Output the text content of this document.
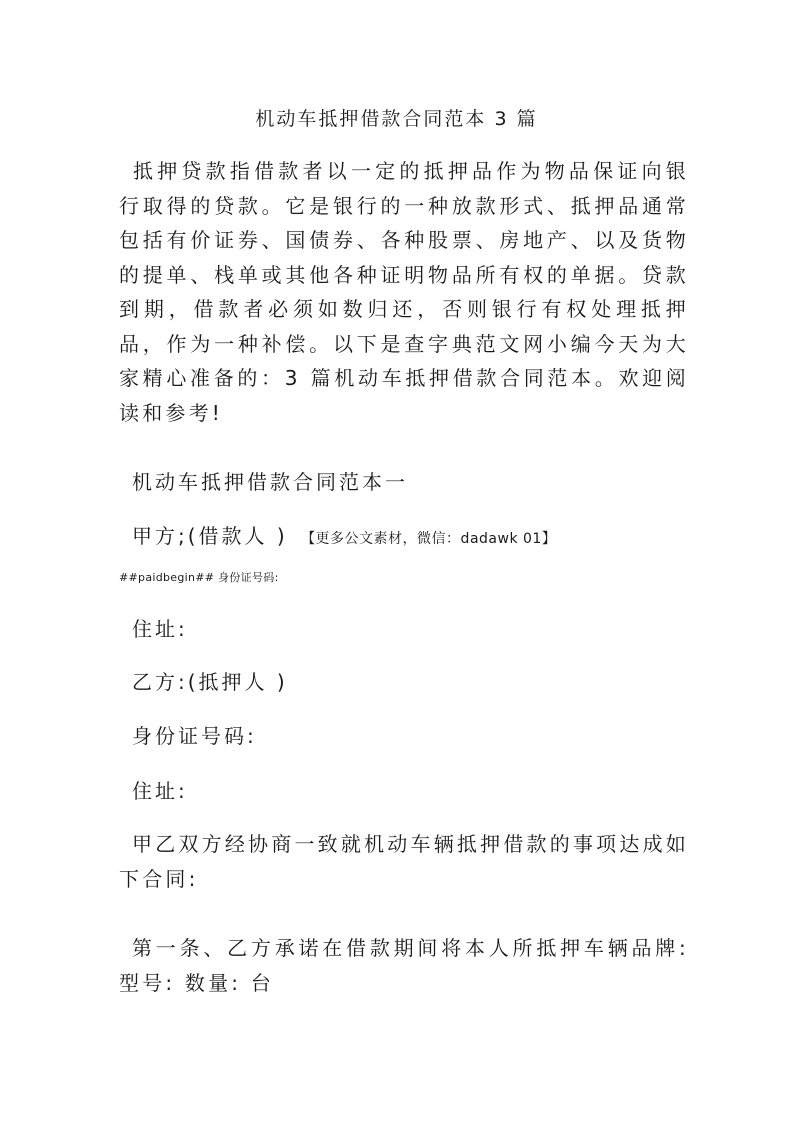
机动车抵押借款合同范本 3 篇

抵押贷款指借款者以一定的抵押品作为物品保证向银行取得的贷款。它是银行的一种放款形式、抵押品通常包括有价证券、国债券、各种股票、房地产、以及货物的提单、栈单或其他各种证明物品所有权的单据。贷款到期，借款者必须如数归还，否则银行有权处理抵押品，作为一种补偿。以下是查字典范文网小编今天为大家精心准备的：3 篇机动车抵押借款合同范本。欢迎阅读和参考!

机动车抵押借款合同范本一
甲方;(借款人 ) 【更多公文素材，微信：dadawk 01】
##paidbegin## 身份证号码:
住址:
乙方:(抵押人 )
身份证号码:
住址:

甲乙双方经协商一致就机动车辆抵押借款的事项达成如下合同:

第一条、乙方承诺在借款期间将本人所抵押车辆品牌: 型号: 数量: 台
